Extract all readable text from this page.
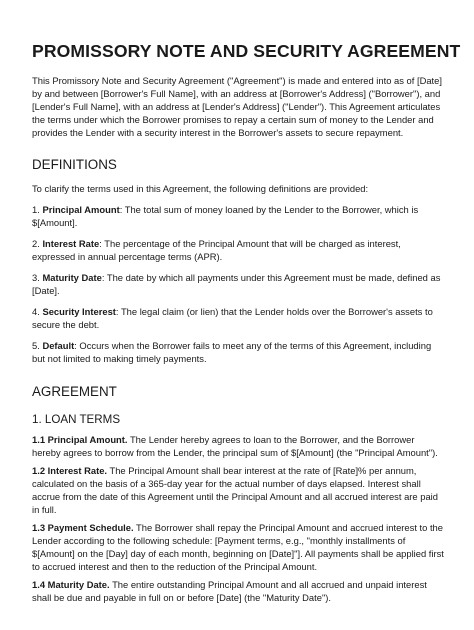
PROMISSORY NOTE AND SECURITY AGREEMENT

This Promissory Note and Security Agreement ("Agreement") is made and entered into as of [Date] by and between [Borrower's Full Name], with an address at [Borrower's Address] ("Borrower"), and [Lender's Full Name], with an address at [Lender's Address] ("Lender"). This Agreement articulates the terms under which the Borrower promises to repay a certain sum of money to the Lender and provides the Lender with a security interest in the Borrower's assets to secure repayment.

DEFINITIONS

To clarify the terms used in this Agreement, the following definitions are provided:

1. Principal Amount: The total sum of money loaned by the Lender to the Borrower, which is $[Amount].

2. Interest Rate: The percentage of the Principal Amount that will be charged as interest, expressed in annual percentage terms (APR).

3. Maturity Date: The date by which all payments under this Agreement must be made, defined as [Date].

4. Security Interest: The legal claim (or lien) that the Lender holds over the Borrower's assets to secure the debt.

5. Default: Occurs when the Borrower fails to meet any of the terms of this Agreement, including but not limited to making timely payments.

AGREEMENT
1. LOAN TERMS

1.1 Principal Amount. The Lender hereby agrees to loan to the Borrower, and the Borrower hereby agrees to borrow from the Lender, the principal sum of $[Amount] (the "Principal Amount").

1.2 Interest Rate. The Principal Amount shall bear interest at the rate of [Rate]% per annum, calculated on the basis of a 365-day year for the actual number of days elapsed. Interest shall accrue from the date of this Agreement until the Principal Amount and all accrued interest are paid in full.

1.3 Payment Schedule. The Borrower shall repay the Principal Amount and accrued interest to the Lender according to the following schedule: [Payment terms, e.g., "monthly installments of $[Amount] on the [Day] day of each month, beginning on [Date]"]. All payments shall be applied first to accrued interest and then to the reduction of the Principal Amount.

1.4 Maturity Date. The entire outstanding Principal Amount and all accrued and unpaid interest shall be due and payable in full on or before [Date] (the "Maturity Date").
